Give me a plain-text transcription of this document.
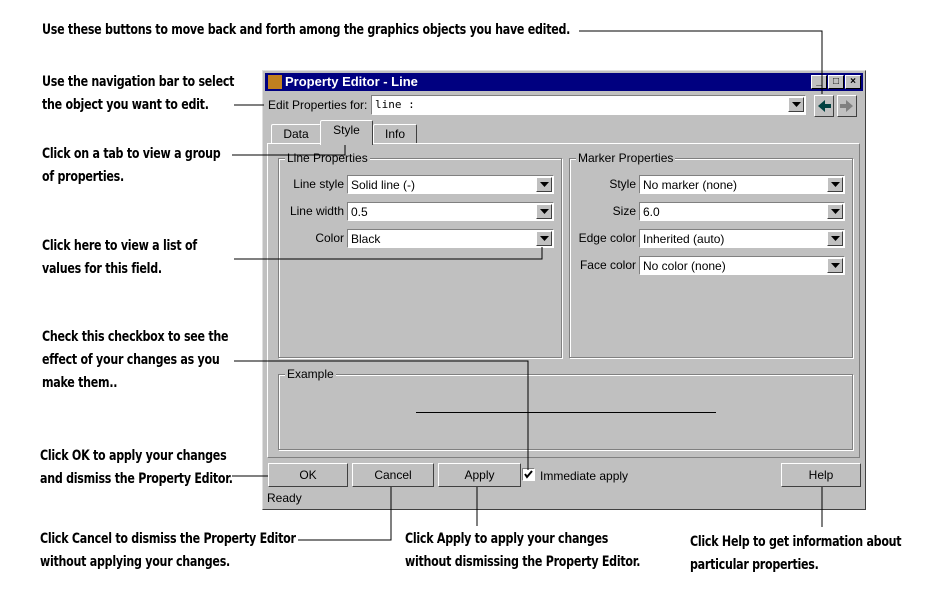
Use these buttons to move back and forth among the graphics objects you have edited.
Use the navigation bar to select
the object you want to edit.
Click on a tab to view a group
of properties.
Click here to view a list of
values for this field.
Check this checkbox to see the
effect of your changes as you
make them..
Click OK to apply your changes
and dismiss the Property Editor.
Click Cancel to dismiss the Property Editor
without applying your changes.
Click Apply to apply your changes
without dismissing the Property Editor.
Click Help to get information about
particular properties.
Property Editor - Line	_	□	×
Edit Properties for: line :
Data	Style	Info
Line Properties
Line style Solid line (-)
Line width 0.5
Color Black
Marker Properties
Style No marker (none)
Size 6.0
Edge color Inherited (auto)
Face color No color (none)
Example
OK	Cancel	Apply	Immediate apply	Help
Ready
